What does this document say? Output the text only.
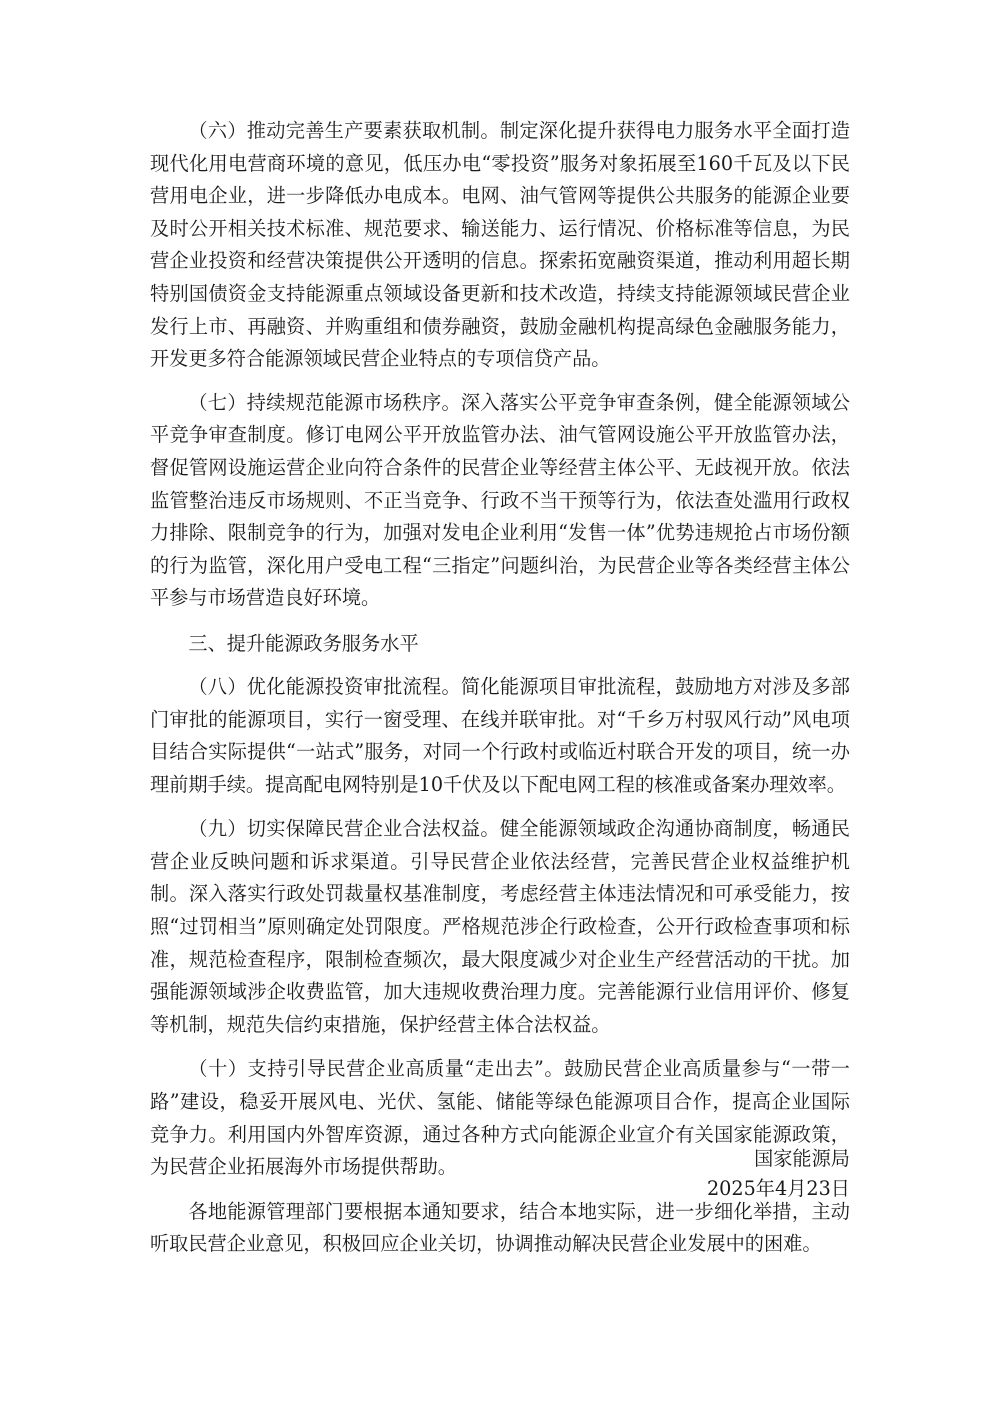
（六）推动完善生产要素获取机制。制定深化提升获得电力服务水平全面打造现代化用电营商环境的意见，低压办电“零投资”服务对象拓展至160千瓦及以下民营用电企业，进一步降低办电成本。电网、油气管网等提供公共服务的能源企业要及时公开相关技术标准、规范要求、输送能力、运行情况、价格标准等信息，为民营企业投资和经营决策提供公开透明的信息。探索拓宽融资渠道，推动利用超长期特别国债资金支持能源重点领域设备更新和技术改造，持续支持能源领域民营企业发行上市、再融资、并购重组和债券融资，鼓励金融机构提高绿色金融服务能力，开发更多符合能源领域民营企业特点的专项信贷产品。

（七）持续规范能源市场秩序。深入落实公平竞争审查条例，健全能源领域公平竞争审查制度。修订电网公平开放监管办法、油气管网设施公平开放监管办法，督促管网设施运营企业向符合条件的民营企业等经营主体公平、无歧视开放。依法监管整治违反市场规则、不正当竞争、行政不当干预等行为，依法查处滥用行政权力排除、限制竞争的行为，加强对发电企业利用“发售一体”优势违规抢占市场份额的行为监管，深化用户受电工程“三指定”问题纠治，为民营企业等各类经营主体公平参与市场营造良好环境。

三、提升能源政务服务水平

（八）优化能源投资审批流程。简化能源项目审批流程，鼓励地方对涉及多部门审批的能源项目，实行一窗受理、在线并联审批。对“千乡万村驭风行动”风电项目结合实际提供“一站式”服务，对同一个行政村或临近村联合开发的项目，统一办理前期手续。提高配电网特别是10千伏及以下配电网工程的核准或备案办理效率。

（九）切实保障民营企业合法权益。健全能源领域政企沟通协商制度，畅通民营企业反映问题和诉求渠道。引导民营企业依法经营，完善民营企业权益维护机制。深入落实行政处罚裁量权基准制度，考虑经营主体违法情况和可承受能力，按照“过罚相当”原则确定处罚限度。严格规范涉企行政检查，公开行政检查事项和标准，规范检查程序，限制检查频次，最大限度减少对企业生产经营活动的干扰。加强能源领域涉企收费监管，加大违规收费治理力度。完善能源行业信用评价、修复等机制，规范失信约束措施，保护经营主体合法权益。

（十）支持引导民营企业高质量“走出去”。鼓励民营企业高质量参与“一带一路”建设，稳妥开展风电、光伏、氢能、储能等绿色能源项目合作，提高企业国际竞争力。利用国内外智库资源，通过各种方式向能源企业宣介有关国家能源政策，为民营企业拓展海外市场提供帮助。

各地能源管理部门要根据本通知要求，结合本地实际，进一步细化举措，主动听取民营企业意见，积极回应企业关切，协调推动解决民营企业发展中的困难。

国家能源局
2025年4月23日
